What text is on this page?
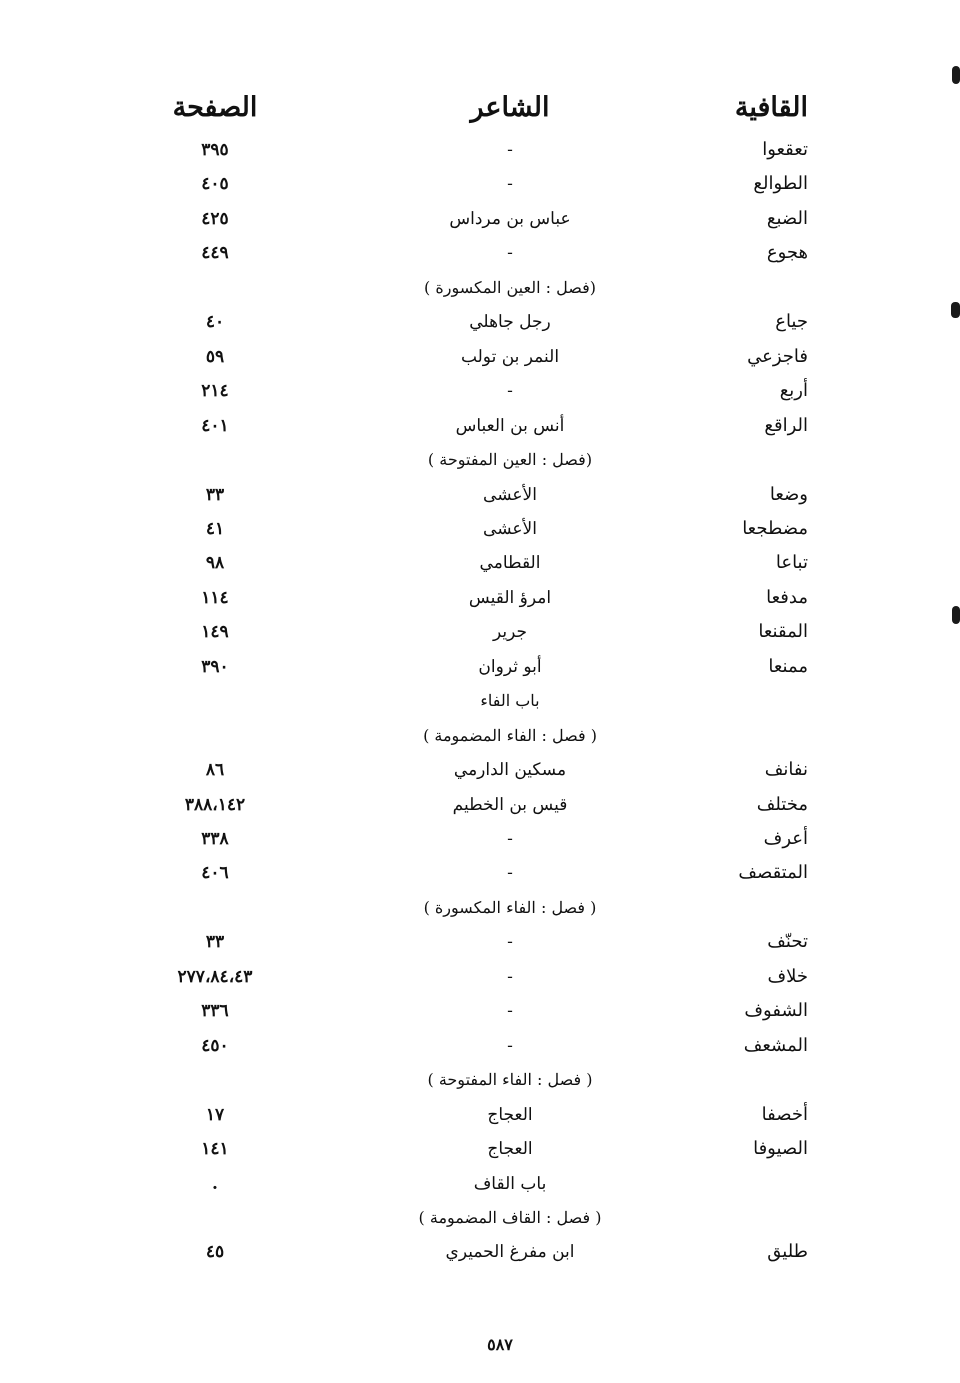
القافية
الشاعر
الصفحة
تعقعوا
-
٣٩٥
الطوالع
-
٤٠٥
الضبع
عباس بن مرداس
٤٢٥
هجوع
-
٤٤٩
(فصل : العين المكسورة )
جياع
رجل جاهلي
٤٠
فاجزعي
النمر بن تولب
٥٩
أربع
-
٢١٤
الراقع
أنس بن العباس
٤٠١
(فصل : العين المفتوحة )
وضعا
الأعشى
٣٣
مضطجعا
الأعشى
٤١
تباعا
القطامي
٩٨
مدفعا
امرؤ القيس
١١٤
المقنعا
جرير
١٤٩
ممنعا
أبو ثروان
٣٩٠
باب الفاء
( فصل : الفاء المضمومة )
نفانف
مسكين الدارمي
٨٦
مختلف
قيس بن الخطيم
٣٨٨،١٤٢
أعرف
-
٣٣٨
المتقصف
-
٤٠٦
( فصل : الفاء المكسورة )
تحنّف
-
٣٣
خلاف
-
٢٧٧،٨٤،٤٣
الشفوف
-
٣٣٦
المشعف
-
٤٥٠
( فصل : الفاء المفتوحة )
أخصفا
العجاج
١٧
الصيوفا
العجاج
١٤١
باب القاف
.
( فصل : القاف المضمومة )
طليق
ابن مفرغ الحميري
٤٥
٥٨٧
